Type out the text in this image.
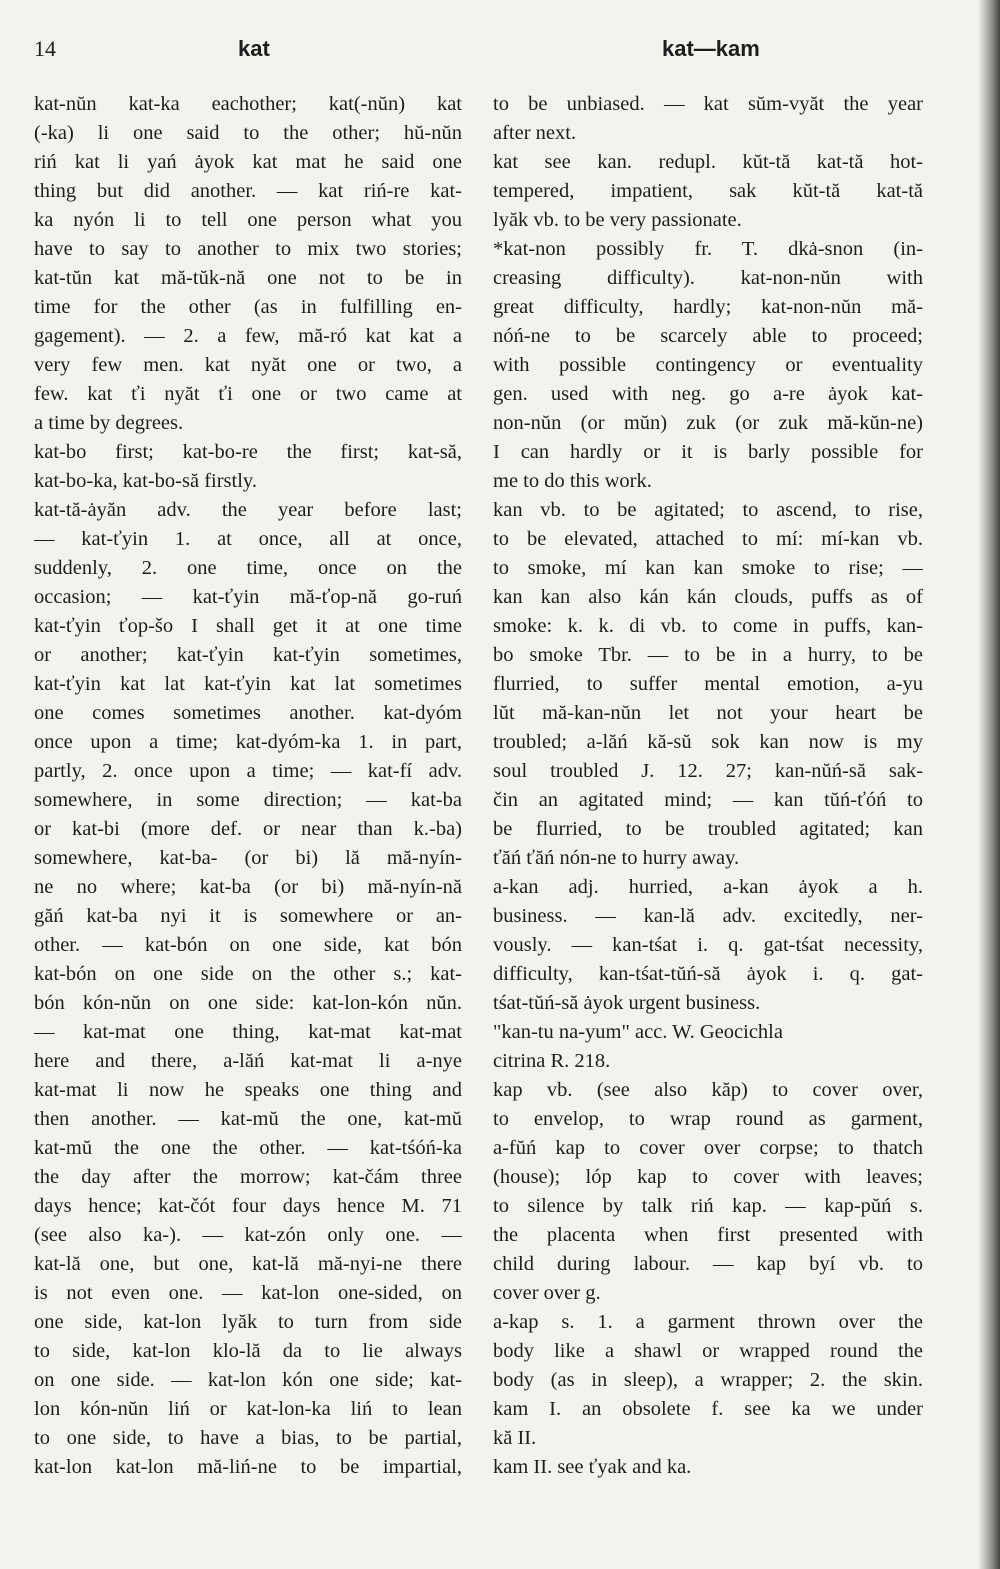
14	kat	kat—kam
kat-nŭn kat-ka eachother; kat(-nŭn) kat
(-ka) li one said to the other; hŭ-nŭn
riń kat li yań ȧyok kat mat he said one
thing but did another. — kat riń-re kat-
ka nyón li to tell one person what you
have to say to another to mix two stories;
kat-tŭn kat mă-tŭk-nă one not to be in
time for the other (as in fulfilling en-
gagement). — 2. a few, mă-ró kat kat a
very few men. kat nyăt one or two, a
few. kat ťi nyăt ťi one or two came at
a time by degrees.
kat-bo first; kat-bo-re the first; kat-să,
kat-bo-ka, kat-bo-să firstly.
kat-tă-ȧyăn adv. the year before last;
— kat-ťyin 1. at once, all at once,
suddenly, 2. one time, once on the
occasion; — kat-ťyin mă-ťop-nă go-ruń
kat-ťyin ťop-šo I shall get it at one time
or another; kat-ťyin kat-ťyin sometimes,
kat-ťyin kat lat kat-ťyin kat lat sometimes
one comes sometimes another. kat-dyóm
once upon a time; kat-dyóm-ka 1. in part,
partly, 2. once upon a time; — kat-fí adv.
somewhere, in some direction; — kat-ba
or kat-bi (more def. or near than k.-ba)
somewhere, kat-ba- (or bi) lă mă-nyín-
ne no where; kat-ba (or bi) mă-nyín-nă
găń kat-ba nyi it is somewhere or an-
other. — kat-bón on one side, kat bón
kat-bón on one side on the other s.; kat-
bón kón-nŭn on one side: kat-lon-kón nŭn.
— kat-mat one thing, kat-mat kat-mat
here and there, a-lăń kat-mat li a-nye
kat-mat li now he speaks one thing and
then another. — kat-mŭ the one, kat-mŭ
kat-mŭ the one the other. — kat-tśóń-ka
the day after the morrow; kat-čám three
days hence; kat-čót four days hence M. 71
(see also ka-). — kat-zón only one. —
kat-lă one, but one, kat-lă mă-nyi-ne there
is not even one. — kat-lon one-sided, on
one side, kat-lon lyăk to turn from side
to side, kat-lon klo-lă da to lie always
on one side. — kat-lon kón one side; kat-
lon kón-nŭn liń or kat-lon-ka liń to lean
to one side, to have a bias, to be partial,
kat-lon kat-lon mă-liń-ne to be impartial,
to be unbiased. — kat sŭm-vyăt the year
after next.
kat see kan. redupl. kŭt-tă kat-tă hot-
tempered, impatient, sak kŭt-tă kat-tă
lyăk vb. to be very passionate.
*kat-non possibly fr. T. dkȧ-snon (in-
creasing difficulty). kat-non-nŭn with
great difficulty, hardly; kat-non-nŭn mă-
nóń-ne to be scarcely able to proceed;
with possible contingency or eventuality
gen. used with neg. go a-re ȧyok kat-
non-nŭn (or mŭn) zuk (or zuk mă-kŭn-ne)
I can hardly or it is barly possible for
me to do this work.
kan vb. to be agitated; to ascend, to rise,
to be elevated, attached to mí: mí-kan vb.
to smoke, mí kan kan smoke to rise; —
kan kan also kán kán clouds, puffs as of
smoke: k. k. di vb. to come in puffs, kan-
bo smoke Tbr. — to be in a hurry, to be
flurried, to suffer mental emotion, a-yu
lŭt mă-kan-nŭn let not your heart be
troubled; a-lăń kă-sŭ sok kan now is my
soul troubled J. 12. 27; kan-nŭń-să sak-
čin an agitated mind; — kan tŭń-ťóń to
be flurried, to be troubled agitated; kan
ťăń ťăń nón-ne to hurry away.
a-kan adj. hurried, a-kan ȧyok a h.
business. — kan-lă adv. excitedly, ner-
vously. — kan-tśat i. q. gat-tśat necessity,
difficulty, kan-tśat-tŭń-să ȧyok i. q. gat-
tśat-tŭń-să ȧyok urgent business.
"kan-tu na-yum" acc. W. Geocichla
citrina R. 218.
kap vb. (see also kăp) to cover over,
to envelop, to wrap round as garment,
a-fŭń kap to cover over corpse; to thatch
(house); lóp kap to cover with leaves;
to silence by talk riń kap. — kap-pŭń s.
the placenta when first presented with
child during labour. — kap byí vb. to
cover over g.
a-kap s. 1. a garment thrown over the
body like a shawl or wrapped round the
body (as in sleep), a wrapper; 2. the skin.
kam I. an obsolete f. see ka we under
kă II.
kam II. see ťyak and ka.
